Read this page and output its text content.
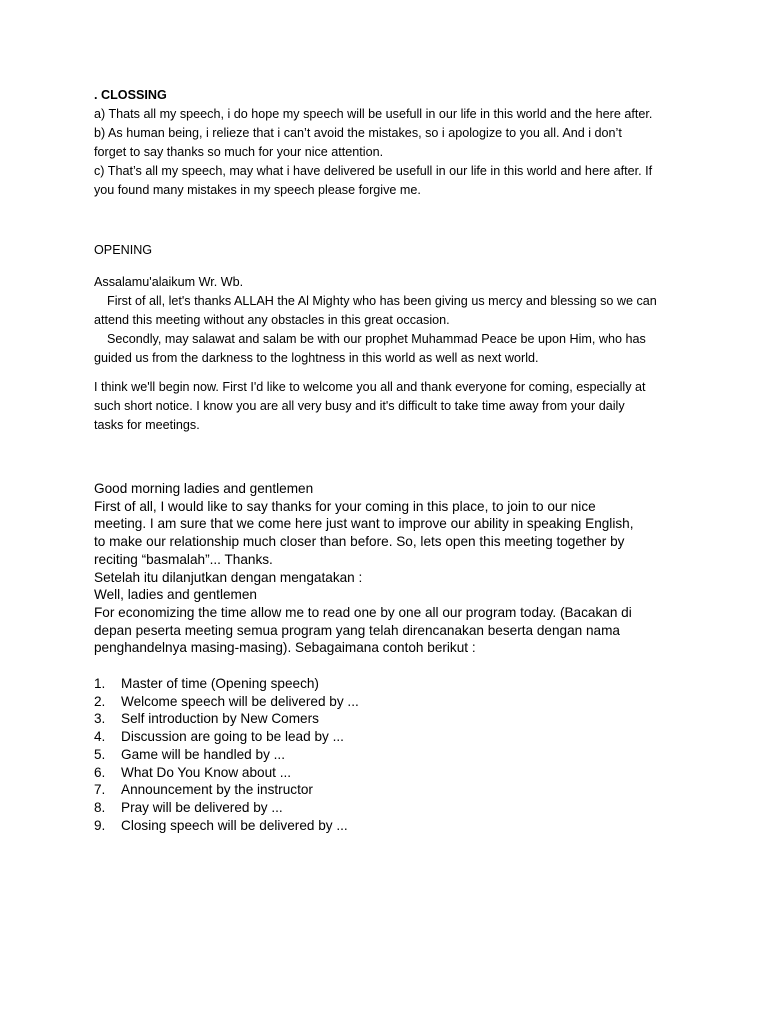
. CLOSSING
a) Thats all my speech, i do hope my speech will be usefull in our life in this world and the here after.
b) As human being, i relieze that i can’t avoid the mistakes, so i apologize to you all. And i don’t
forget to say thanks so much for your nice attention.
c) That’s all my speech, may what i have delivered be usefull in our life in this world and here after. If
you found many mistakes in my speech please forgive me.
OPENING
Assalamu'alaikum Wr. Wb.
First of all, let's thanks ALLAH the Al Mighty who has been giving us mercy and blessing so we can
attend this meeting without any obstacles in this great occasion.
Secondly, may salawat and salam be with our prophet Muhammad Peace be upon Him, who has
guided us from the darkness to the loghtness in this world as well as next world.
I think we'll begin now. First I'd like to welcome you all and thank everyone for coming, especially at
such short notice. I know you are all very busy and it's difficult to take time away from your daily
tasks for meetings.
Good morning ladies and gentlemen
First of all, I would like to say thanks for your coming in this place, to join to our nice
meeting. I am sure that we come here just want to improve our ability in speaking English,
to make our relationship much closer than before. So, lets open this meeting together by
reciting “basmalah”... Thanks.
Setelah itu dilanjutkan dengan mengatakan :
Well, ladies and gentlemen
For economizing the time allow me to read one by one all our program today. (Bacakan di
depan peserta meeting semua program yang telah direncanakan beserta dengan nama
penghandelnya masing-masing). Sebagaimana contoh berikut :
1. Master of time (Opening speech)
2. Welcome speech will be delivered by ...
3. Self introduction by New Comers
4. Discussion are going to be lead by ...
5. Game will be handled by ...
6. What Do You Know about ...
7. Announcement by the instructor
8. Pray will be delivered by ...
9. Closing speech will be delivered by ...
